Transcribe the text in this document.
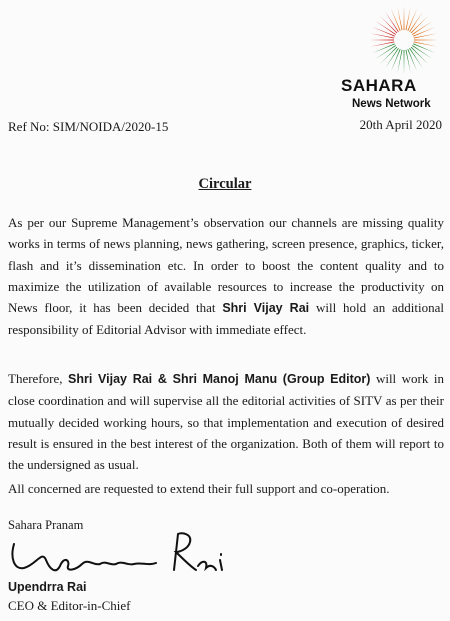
SAHARA
News Network
Ref No: SIM/NOIDA/2020-15	20th April 2020
Circular

As per our Supreme Management’s observation our channels are missing quality works in terms of news planning, news gathering, screen presence, graphics, ticker, flash and it’s dissemination etc. In order to boost the content quality and to maximize the utilization of available resources to increase the productivity on News floor, it has been decided that Shri Vijay Rai will hold an additional responsibility of Editorial Advisor with immediate effect.

Therefore, Shri Vijay Rai & Shri Manoj Manu (Group Editor) will work in close coordination and will supervise all the editorial activities of SITV as per their mutually decided working hours, so that implementation and execution of desired result is ensured in the best interest of the organization. Both of them will report to the undersigned as usual.

All concerned are requested to extend their full support and co-operation.

Sahara Pranam
Upendrra Rai
CEO & Editor-in-Chief
